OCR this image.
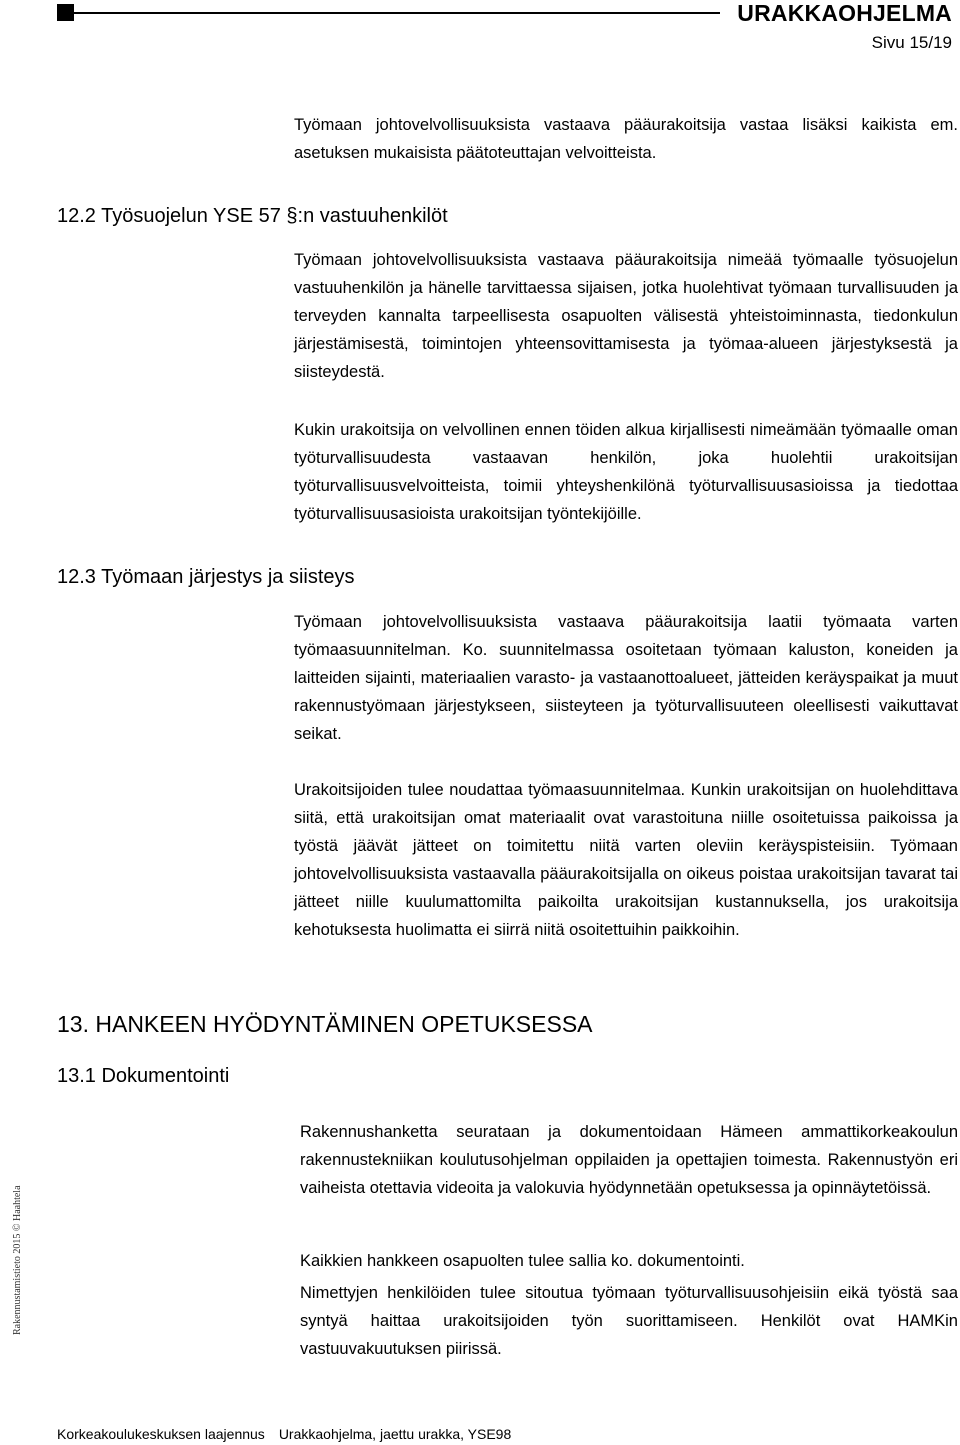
URAKKAOHJELMA
Sivu 15/19
Työmaan johtovelvollisuuksista vastaava pääurakoitsija vastaa lisäksi kaikista em. asetuksen mukaisista päätoteuttajan velvoitteista.
12.2 Työsuojelun YSE 57 §:n vastuuhenkilöt
Työmaan johtovelvollisuuksista vastaava pääurakoitsija nimeää työmaalle työsuojelun vastuuhenkilön ja hänelle tarvittaessa sijaisen, jotka huolehtivat työmaan turvallisuuden ja terveyden kannalta tarpeellisesta osapuolten välisestä yhteistoiminnasta, tiedonkulun järjestämisestä, toimintojen yhteensovittamisesta ja työmaa-alueen järjestyksestä ja siisteydestä.
Kukin urakoitsija on velvollinen ennen töiden alkua kirjallisesti nimeämään työmaalle oman työturvallisuudesta vastaavan henkilön, joka huolehtii urakoitsijan työturvallisuusvelvoitteista, toimii yhteyshenkilönä työturvallisuusasioissa ja tiedottaa työturvallisuusasioista urakoitsijan työntekijöille.
12.3 Työmaan järjestys ja siisteys
Työmaan johtovelvollisuuksista vastaava pääurakoitsija laatii työmaata varten työmaasuunnitelman. Ko. suunnitelmassa osoitetaan työmaan kaluston, koneiden ja laitteiden sijainti, materiaalien varasto- ja vastaanottoalueet, jätteiden keräyspaikat ja muut rakennustyömaan järjestykseen, siisteyteen ja työturvallisuuteen oleellisesti vaikuttavat seikat.
Urakoitsijoiden tulee noudattaa työmaasuunnitelmaa. Kunkin urakoitsijan on huolehdittava siitä, että urakoitsijan omat materiaalit ovat varastoituna niille osoitetuissa paikoissa ja työstä jäävät jätteet on toimitettu niitä varten oleviin keräyspisteisiin. Työmaan johtovelvollisuuksista vastaavalla pääurakoitsijalla on oikeus poistaa urakoitsijan tavarat tai jätteet niille kuulumattomilta paikoilta urakoitsijan kustannuksella, jos urakoitsija kehotuksesta huolimatta ei siirrä niitä osoitettuihin paikkoihin.
13. HANKEEN HYÖDYNTÄMINEN OPETUKSESSA
13.1 Dokumentointi
Rakennushanketta seurataan ja dokumentoidaan Hämeen ammattikorkeakoulun rakennustekniikan koulutusohjelman oppilaiden ja opettajien toimesta. Rakennustyön eri vaiheista otettavia videoita ja valokuvia hyödynnetään opetuksessa ja opinnäytetöissä.
Kaikkien hankkeen osapuolten tulee sallia ko. dokumentointi.
Nimettyjen henkilöiden tulee sitoutua työmaan työturvallisuusohjeisiin eikä työstä saa syntyä haittaa urakoitsijoiden työn suorittamiseen. Henkilöt ovat HAMKin vastuuvakuutuksen piirissä.
Rakennustamistieto 2015 © Haahtela
Korkeakoulukeskuksen laajennus Urakkaohjelma, jaettu urakka, YSE98
